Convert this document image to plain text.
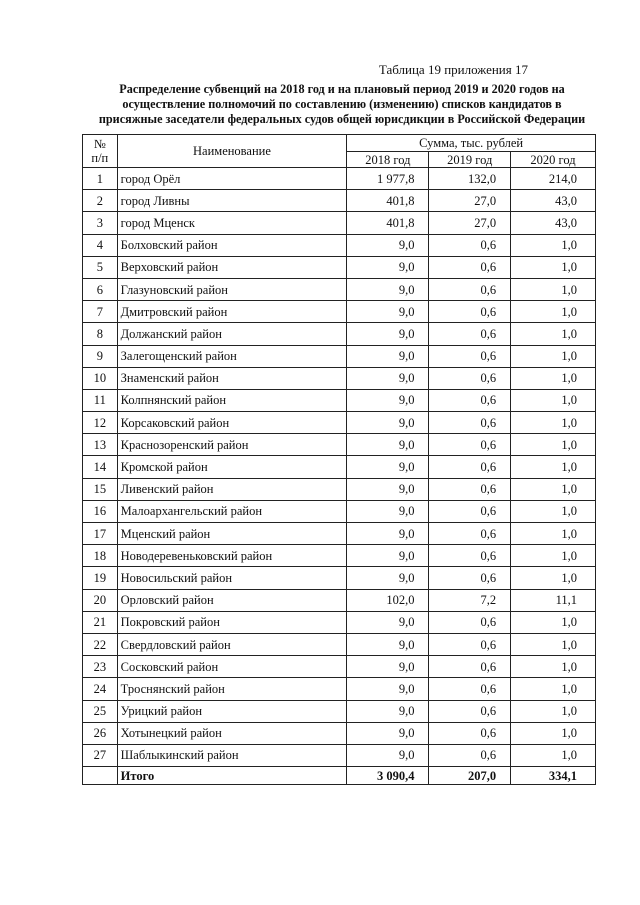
Таблица 19 приложения 17
Распределение субвенций на 2018 год и на плановый период 2019 и 2020 годов на
осуществление полномочий по составлению (изменению) списков кандидатов в
присяжные заседатели федеральных судов общей юрисдикции в Российской Федерации
№
п/п	Наименование	Сумма, тыс. рублей		
		2018 год	2019 год	2020 год
1	город Орёл	1 977,8	132,0	214,0
2	город Ливны	401,8	27,0	43,0
3	город Мценск	401,8	27,0	43,0
4	Болховский район	9,0	0,6	1,0
5	Верховский район	9,0	0,6	1,0
6	Глазуновский район	9,0	0,6	1,0
7	Дмитровский район	9,0	0,6	1,0
8	Должанский район	9,0	0,6	1,0
9	Залегощенский район	9,0	0,6	1,0
10	Знаменский район	9,0	0,6	1,0
11	Колпнянский район	9,0	0,6	1,0
12	Корсаковский район	9,0	0,6	1,0
13	Краснозоренский район	9,0	0,6	1,0
14	Кромской район	9,0	0,6	1,0
15	Ливенский район	9,0	0,6	1,0
16	Малоархангельский район	9,0	0,6	1,0
17	Мценский район	9,0	0,6	1,0
18	Новодеревеньковский район	9,0	0,6	1,0
19	Новосильский район	9,0	0,6	1,0
20	Орловский район	102,0	7,2	11,1
21	Покровский район	9,0	0,6	1,0
22	Свердловский район	9,0	0,6	1,0
23	Сосковский район	9,0	0,6	1,0
24	Троснянский район	9,0	0,6	1,0
25	Урицкий район	9,0	0,6	1,0
26	Хотынецкий район	9,0	0,6	1,0
27	Шаблыкинский район	9,0	0,6	1,0
	Итого	3 090,4	207,0	334,1
